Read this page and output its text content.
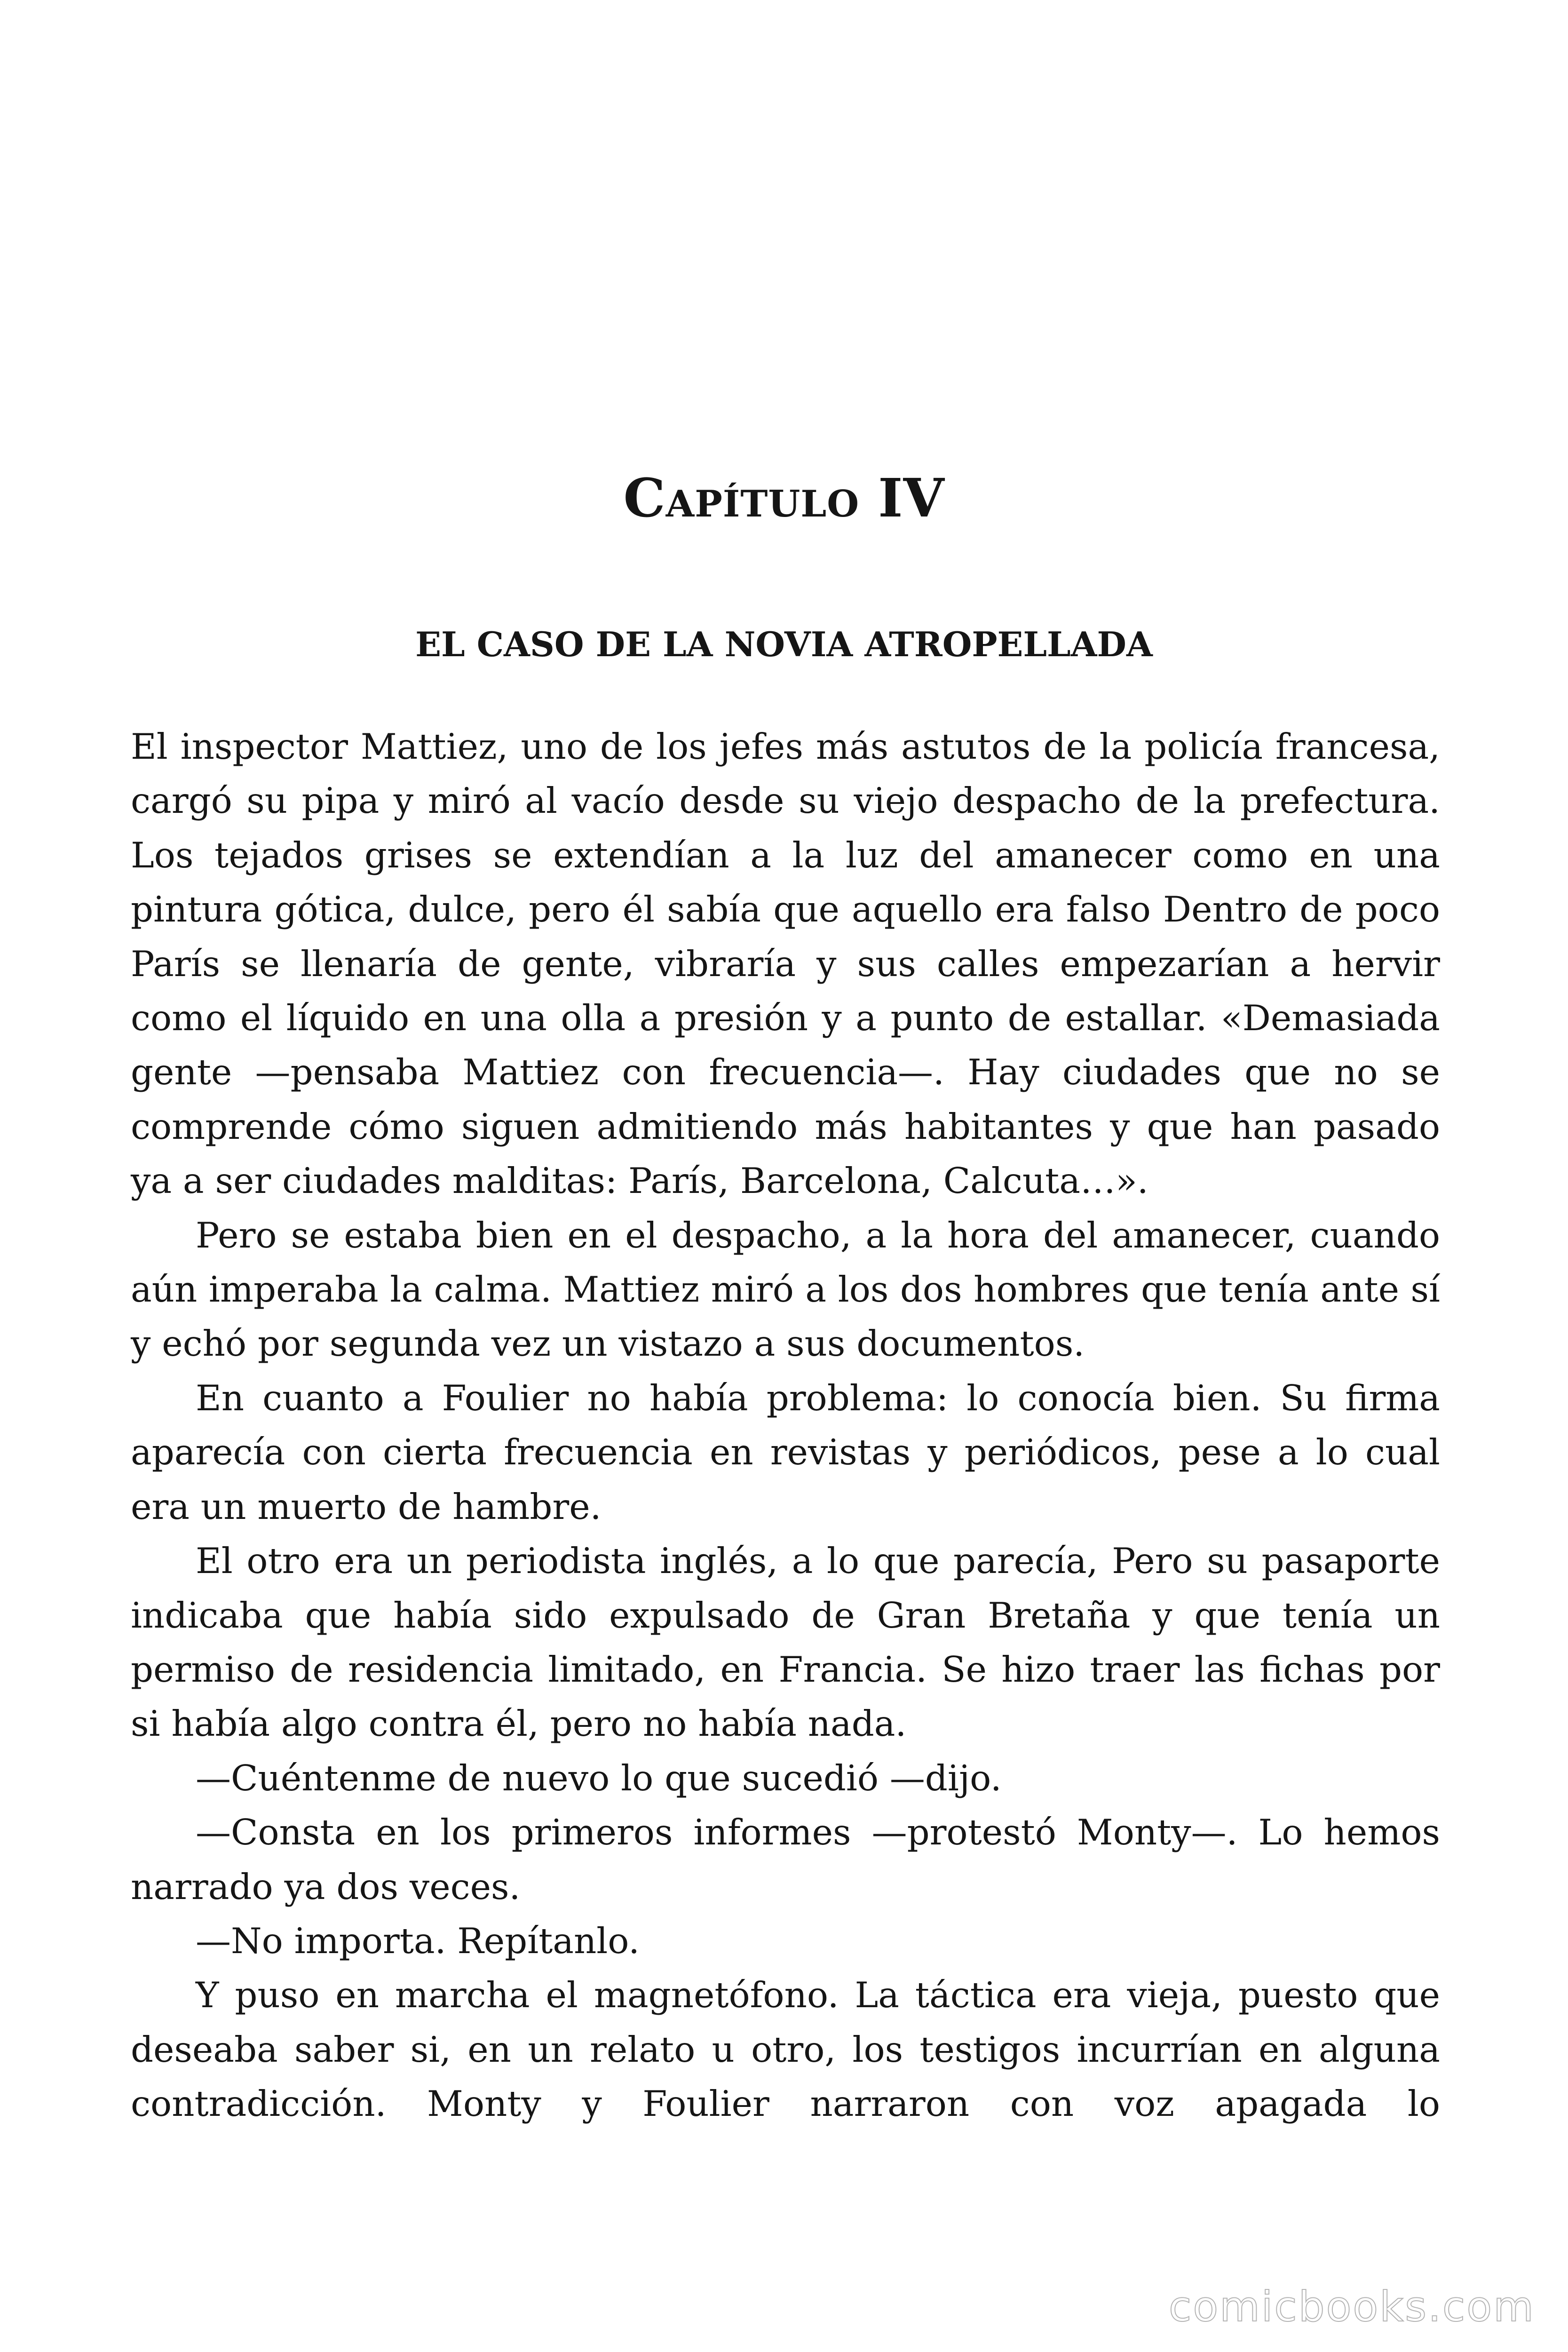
Capítulo IV
EL CASO DE LA NOVIA ATROPELLADA

El inspector Mattiez, uno de los jefes más astutos de la policía francesa, cargó su pipa y miró al vacío desde su viejo despacho de la prefectura. Los tejados grises se extendían a la luz del amanecer como en una pintura gótica, dulce, pero él sabía que aquello era falso Dentro de poco París se llenaría de gente, vibraría y sus calles empezarían a hervir como el líquido en una olla a presión y a punto de estallar. «Demasiada gente —pensaba Mattiez con frecuencia—. Hay ciudades que no se comprende cómo siguen admitiendo más habitantes y que han pasado ya a ser ciudades malditas: París, Barcelona, Calcuta…».

Pero se estaba bien en el despacho, a la hora del amanecer, cuando aún imperaba la calma. Mattiez miró a los dos hombres que tenía ante sí y echó por segunda vez un vistazo a sus documentos.

En cuanto a Foulier no había problema: lo conocía bien. Su firma aparecía con cierta frecuencia en revistas y periódicos, pese a lo cual era un muerto de hambre.

El otro era un periodista inglés, a lo que parecía, Pero su pasaporte indicaba que había sido expulsado de Gran Bretaña y que tenía un permiso de residencia limitado, en Francia. Se hizo traer las fichas por si había algo contra él, pero no había nada.

—Cuéntenme de nuevo lo que sucedió —dijo.

—Consta en los primeros informes —protestó Monty—. Lo hemos narrado ya dos veces.

—No importa. Repítanlo.

Y puso en marcha el magnetófono. La táctica era vieja, puesto que deseaba saber si, en un relato u otro, los testigos incurrían en alguna contradicción. Monty y Foulier narraron con voz apagada lo

comicbooks.com
